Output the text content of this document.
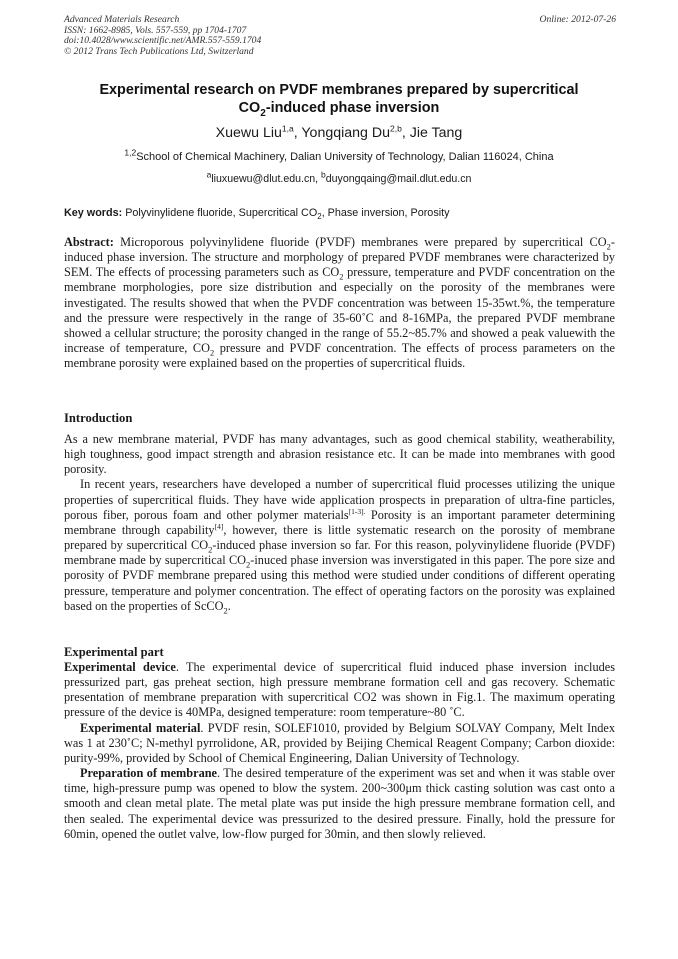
Advanced Materials Research
ISSN: 1662-8985, Vols. 557-559, pp 1704-1707
doi:10.4028/www.scientific.net/AMR.557-559.1704
© 2012 Trans Tech Publications Ltd, Switzerland
Online: 2012-07-26
Experimental research on PVDF membranes prepared by supercritical
$CO_2$-induced phase inversion
Xuewu Liu$^{1,a}$, Yongqiang Du$^{2,b}$, Jie Tang
$^{1,2}$School of Chemical Machinery, Dalian University of Technology, Dalian 116024, China
$^a$liuxuewu@dlut.edu.cn, $^b$duyongqaing@mail.dlut.edu.cn
Key words: Polyvinylidene fluoride, Supercritical $CO_2$, Phase inversion, Porosity

Abstract: Microporous polyvinylidene fluoride (PVDF) membranes were prepared by supercritical $CO_2$-induced phase inversion. The structure and morphology of prepared PVDF membranes were characterized by SEM. The effects of processing parameters such as $CO_2$ pressure, temperature and PVDF concentration on the membrane morphologies, pore size distribution and especially on the porosity of the membranes were investigated. The results showed that when the PVDF concentration was between 15-35wt.%, the temperature and the pressure were respectively in the range of 35-60˚C and 8-16MPa, the prepared PVDF membrane showed a cellular structure; the porosity changed in the range of 55.2~85.7% and showed a peak valuewith the increase of temperature, $CO_2$ pressure and PVDF concentration. The effects of process parameters on the membrane porosity were explained based on the properties of supercritical fluids.

Introduction

As a new membrane material, PVDF has many advantages, such as good chemical stability, weatherability, high toughness, good impact strength and abrasion resistance etc. It can be made into membranes with good porosity.

In recent years, researchers have developed a number of supercritical fluid processes utilizing the unique properties of supercritical fluids. They have wide application prospects in preparation of ultra-fine particles, porous fiber, porous foam and other polymer materials$^{[1-3].}$ Porosity is an important parameter determining membrane through capability[4], however, there is little systematic research on the porosity of membrane prepared by supercritical $CO_2$-induced phase inversion so far. For this reason, polyvinylidene fluoride (PVDF) membrane made by supercritical $CO_2$-inuced phase inversion was inverstigated in this paper. The pore size and porosity of PVDF membrane prepared using this method were studied under conditions of different operating pressure, temperature and polymer concentration. The effect of operating factors on the porosity was explained based on the properties of ScCO$_2$.

Experimental part

Experimental device. The experimental device of supercritical fluid induced phase inversion includes pressurized part, gas preheat section, high pressure membrane formation cell and gas recovery. Schematic presentation of membrane preparation with supercritical CO2 was shown in Fig.1. The maximum operating pressure of the device is 40MPa, designed temperature: room temperature~80 ˚C.

Experimental material. PVDF resin, SOLEF1010, provided by Belgium SOLVAY Company, Melt Index was 1 at 230˚C; N-methyl pyrrolidone, AR, provided by Beijing Chemical Reagent Company; Carbon dioxide: purity-99%, provided by School of Chemical Engineering, Dalian University of Technology.

Preparation of membrane. The desired temperature of the experiment was set and when it was stable over time, high-pressure pump was opened to blow the system. 200~300μm thick casting solution was cast onto a smooth and clean metal plate. The metal plate was put inside the high pressure membrane formation cell, and then sealed. The experimental device was pressurized to the desired pressure. Finally, hold the pressure for 60min, opened the outlet valve, low-flow purged for 30min, and then slowly relieved.
